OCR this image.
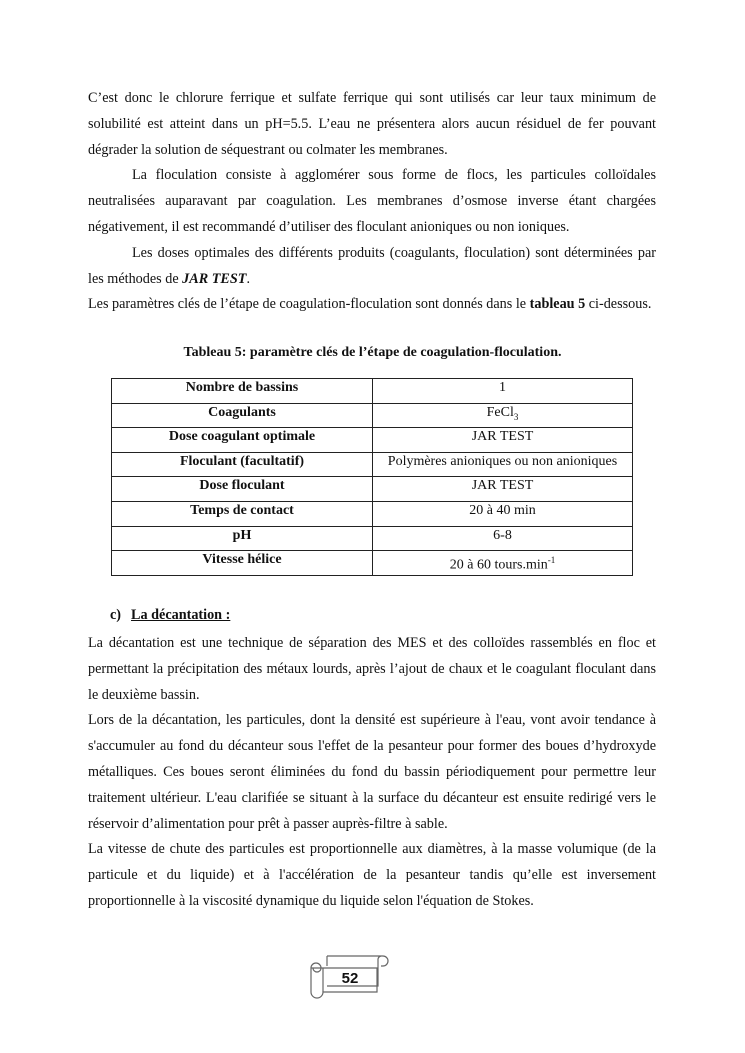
C’est donc le chlorure ferrique et sulfate ferrique qui sont utilisés car leur taux minimum de solubilité est atteint dans un pH=5.5. L’eau ne présentera alors aucun résiduel de fer pouvant dégrader la solution de séquestrant ou colmater les membranes.

La floculation consiste à agglomérer sous forme de flocs, les particules colloïdales neutralisées auparavant par coagulation. Les membranes d’osmose inverse étant chargées négativement, il est recommandé d’utiliser des floculant anioniques ou non ioniques.

Les doses optimales des différents produits (coagulants, floculation) sont déterminées par les méthodes de JAR TEST.

Les paramètres clés de l’étape de coagulation-floculation sont donnés dans le tableau 5 ci-dessous.

Tableau 5: paramètre clés de l’étape de coagulation-floculation.
Nombre de bassins	1
Coagulants	FeCl$_3$
Dose coagulant optimale	JAR TEST
Floculant (facultatif)	Polymères anioniques ou non anioniques
Dose floculant	JAR TEST
Temps de contact	20 à 40 min
pH	6-8
Vitesse hélice	20 à 60 $tours.\min^{-1}$
c) La décantation :

La décantation est une technique de séparation des MES et des colloïdes rassemblés en floc et permettant la précipitation des métaux lourds, après l’ajout de chaux et le coagulant floculant dans le deuxième bassin.

Lors de la décantation, les particules, dont la densité est supérieure à l'eau, vont avoir tendance à s'accumuler au fond du décanteur sous l'effet de la pesanteur pour former des boues d’hydroxyde métalliques. Ces boues seront éliminées du fond du bassin périodiquement pour permettre leur traitement ultérieur. L'eau clarifiée se situant à la surface du décanteur est ensuite redirigé vers le réservoir d’alimentation pour prêt à passer auprès-filtre à sable.

La vitesse de chute des particules est proportionnelle aux diamètres, à la masse volumique (de la particule et du liquide) et à l'accélération de la pesanteur tandis qu’elle est inversement proportionnelle à la viscosité dynamique du liquide selon l'équation de Stokes.

52
